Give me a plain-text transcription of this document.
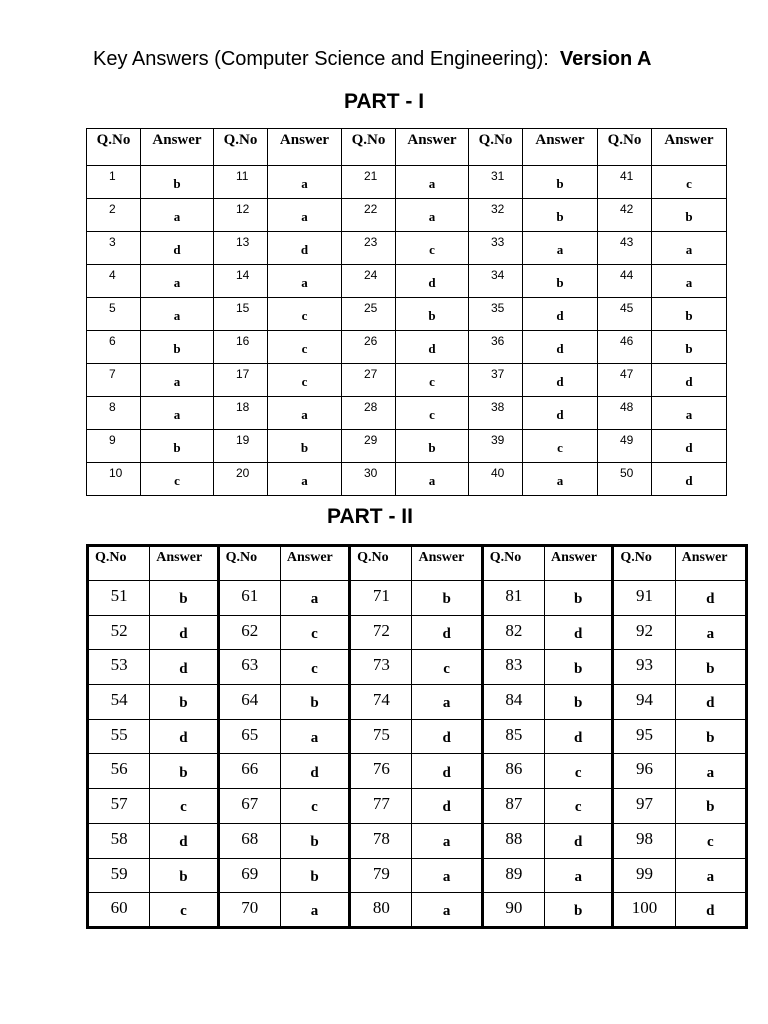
Key Answers (Computer Science and Engineering): Version A
PART - I
Q.No	Answer	Q.No	Answer	Q.No	Answer	Q.No	Answer	Q.No	Answer
1	b	11	a	21	a	31	b	41	c
2	a	12	a	22	a	32	b	42	b
3	d	13	d	23	c	33	a	43	a
4	a	14	a	24	d	34	b	44	a
5	a	15	c	25	b	35	d	45	b
6	b	16	c	26	d	36	d	46	b
7	a	17	c	27	c	37	d	47	d
8	a	18	a	28	c	38	d	48	a
9	b	19	b	29	b	39	c	49	d
10	c	20	a	30	a	40	a	50	d
PART - II
Q.No	Answer	Q.No	Answer	Q.No	Answer	Q.No	Answer	Q.No	Answer
51	b	61	a	71	b	81	b	91	d
52	d	62	c	72	d	82	d	92	a
53	d	63	c	73	c	83	b	93	b
54	b	64	b	74	a	84	b	94	d
55	d	65	a	75	d	85	d	95	b
56	b	66	d	76	d	86	c	96	a
57	c	67	c	77	d	87	c	97	b
58	d	68	b	78	a	88	d	98	c
59	b	69	b	79	a	89	a	99	a
60	c	70	a	80	a	90	b	100	d
